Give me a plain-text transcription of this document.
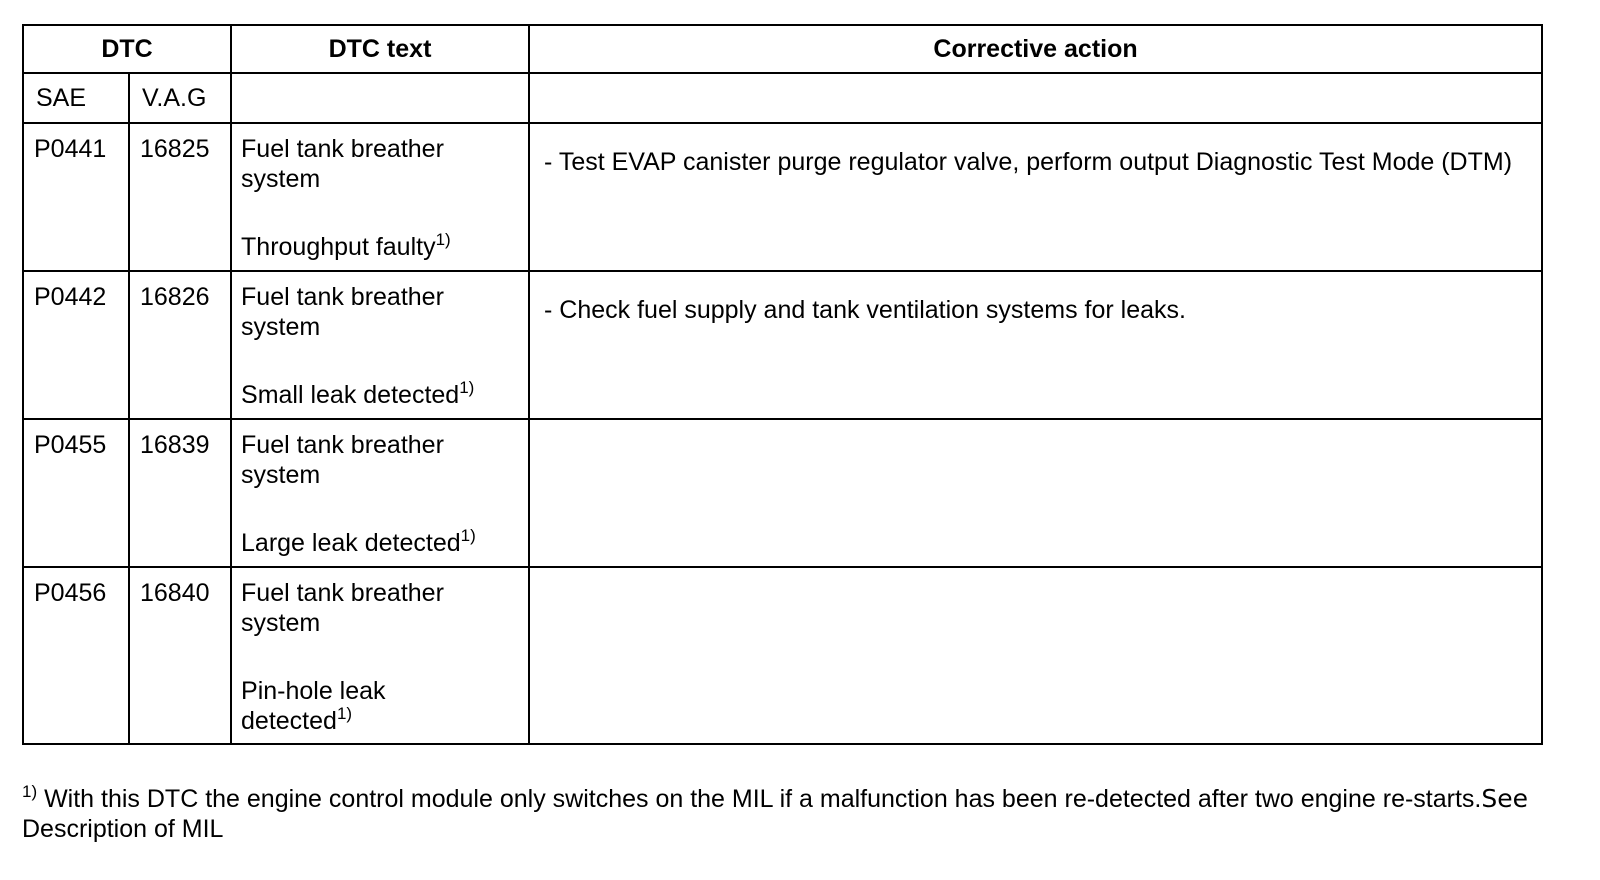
DTC		DTC text	Corrective action
SAE	V.A.G		

P0441	16825	Fuel tank breather system
Throughput faulty$^{1)}$	- Test EVAP canister purge regulator valve, perform output Diagnostic Test Mode (DTM)

P0442	16826	Fuel tank breather system
Small leak detected$^{1)}$	- Check fuel supply and tank ventilation systems for leaks.

P0455	16839	Fuel tank breather system
Large leak detected$^{1)}$

P0456	16840	Fuel tank breather system
Pin-hole leak detected$^{1)}$

$^{1)}$ With this DTC the engine control module only switches on the MIL if a malfunction has been re-detected after two engine re-starts.See Description of MIL
